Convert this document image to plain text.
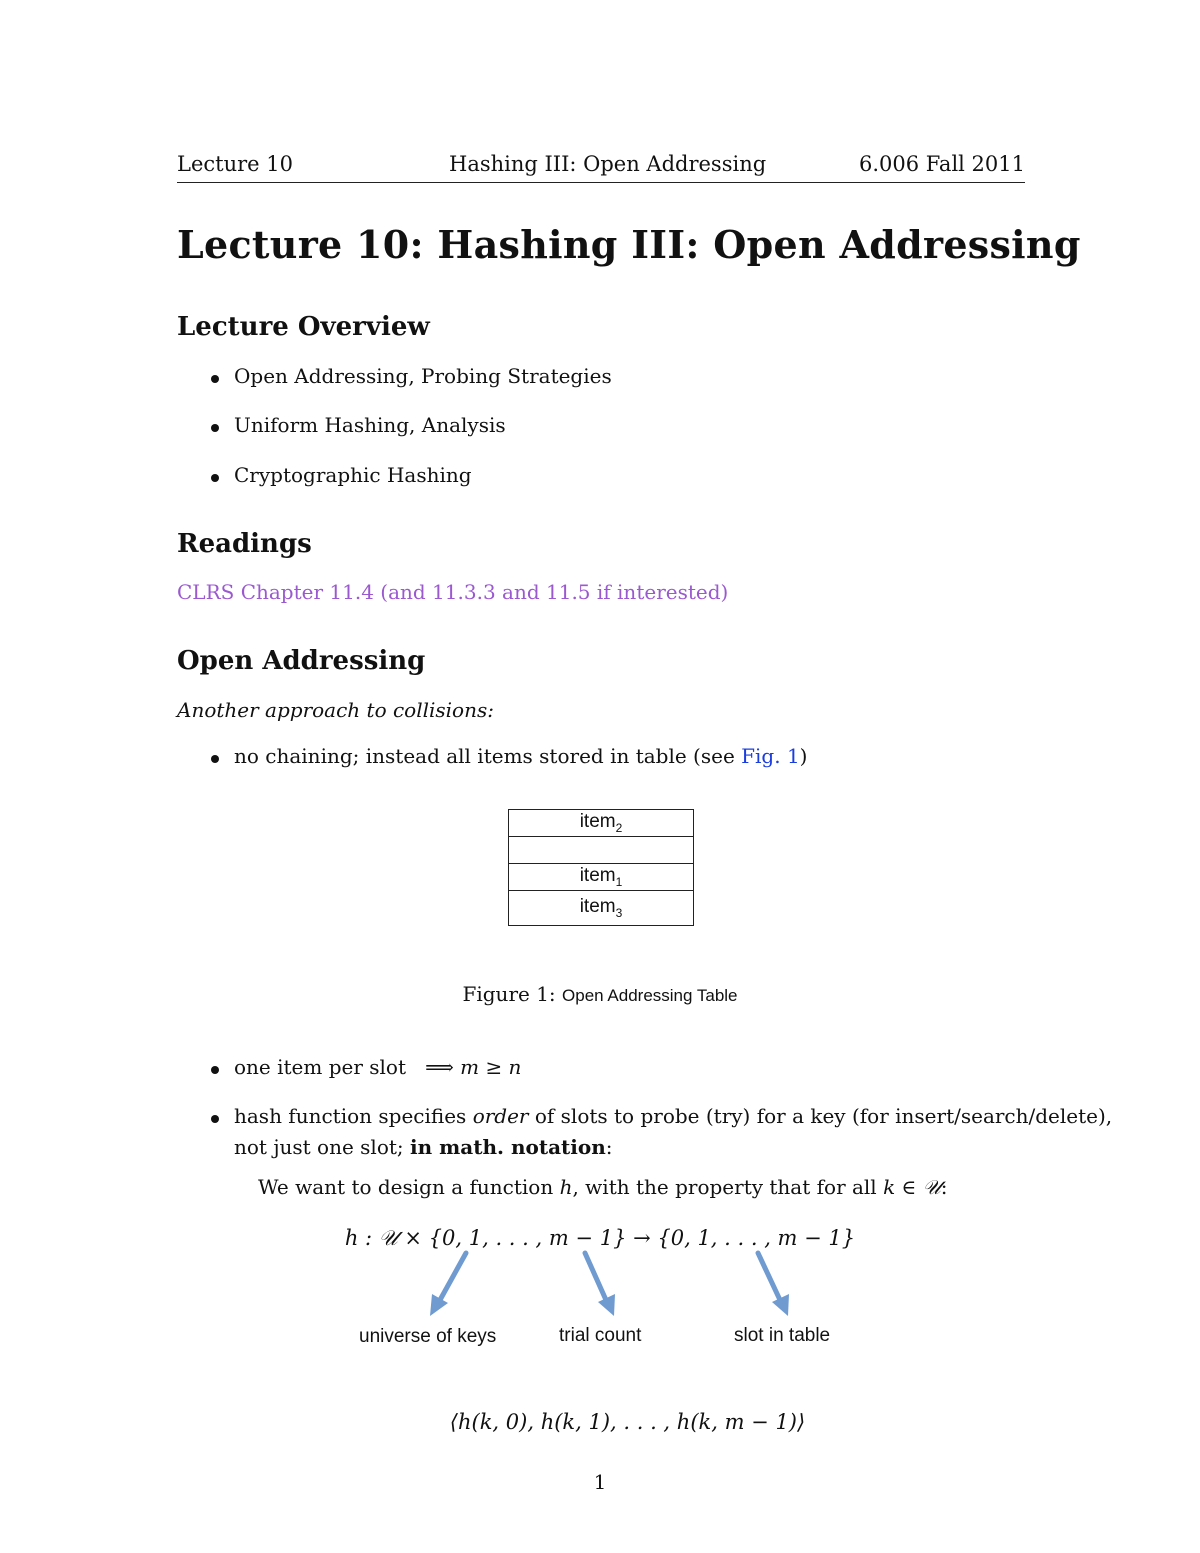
Lecture 10	Hashing III: Open Addressing	6.006 Fall 2011
Lecture 10: Hashing III: Open Addressing
Lecture Overview
Open Addressing, Probing Strategies
Uniform Hashing, Analysis
Cryptographic Hashing
Readings
CLRS Chapter 11.4 (and 11.3.3 and 11.5 if interested)
Open Addressing
Another approach to collisions:
no chaining; instead all items stored in table (see Fig. 1)
item$_2$

item$_1$
item$_3$
Figure 1: Open Addressing Table
one item per slot ⟹ m ≥ n
hash function specifies order of slots to probe (try) for a key (for insert/search/delete),
not just one slot; in math. notation:
We want to design a function h, with the property that for all k ∈ 𝒰:
h : 𝒰 × {0, 1, . . . , m − 1} → {0, 1, . . . , m − 1}
universe of keys	trial count	slot in table
⟨h(k, 0), h(k, 1), . . . , h(k, m − 1)⟩
1
